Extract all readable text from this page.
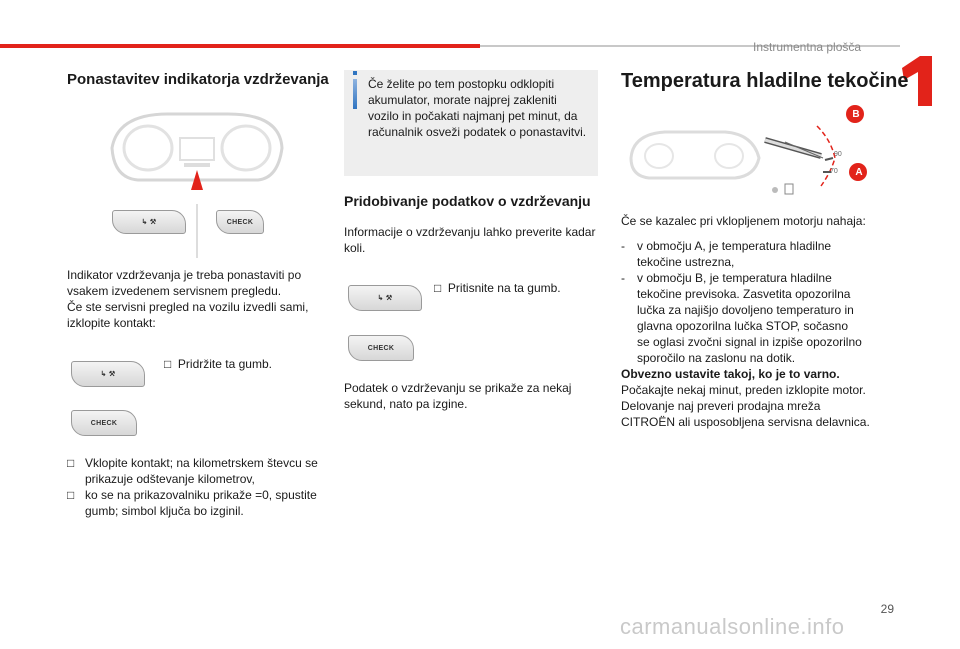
Instrumentna plošča
Ponastavitev indikatorja vzdrževanja
↳ ⚒	CHECK
Indikator vzdrževanja je treba ponastaviti po
vsakem izvedenem servisnem pregledu.
Če ste servisni pregled na vozilu izvedli sami,
izklopite kontakt:
↳ ⚒
□ Pridržite ta gumb.
CHECK
□ Vklopite kontakt; na kilometrskem števcu se
prikazuje odštevanje kilometrov,
□ ko se na prikazovalniku prikaže =0, spustite
gumb; simbol ključa bo izginil.
Če želite po tem postopku odklopiti
akumulator, morate najprej zakleniti
vozilo in počakati najmanj pet minut, da
računalnik osveži podatek o ponastavitvi.
Pridobivanje podatkov o vzdrževanju
Informacije o vzdrževanju lahko preverite kadar
koli.
↳ ⚒
□ Pritisnite na ta gumb.
CHECK
Podatek o vzdrževanju se prikaže za nekaj
sekund, nato pa izgine.
Temperatura hladilne tekočine
B
A
90
70
Če se kazalec pri vklopljenem motorju nahaja:
-	v območju A, je temperatura hladilne
tekočine ustrezna,
-	v območju B, je temperatura hladilne
tekočine previsoka. Zasvetita opozorilna
lučka za najišjo dovoljeno temperaturo in
glavna opozorilna lučka STOP, sočasno
se oglasi zvočni signal in izpiše opozorilno
sporočilo na zaslonu na dotik.
Obvezno ustavite takoj, ko je to varno.
Počakajte nekaj minut, preden izklopite motor.
Delovanje naj preveri prodajna mreža
CITROËN ali usposobljena servisna delavnica.
29
carmanualsonline.info
